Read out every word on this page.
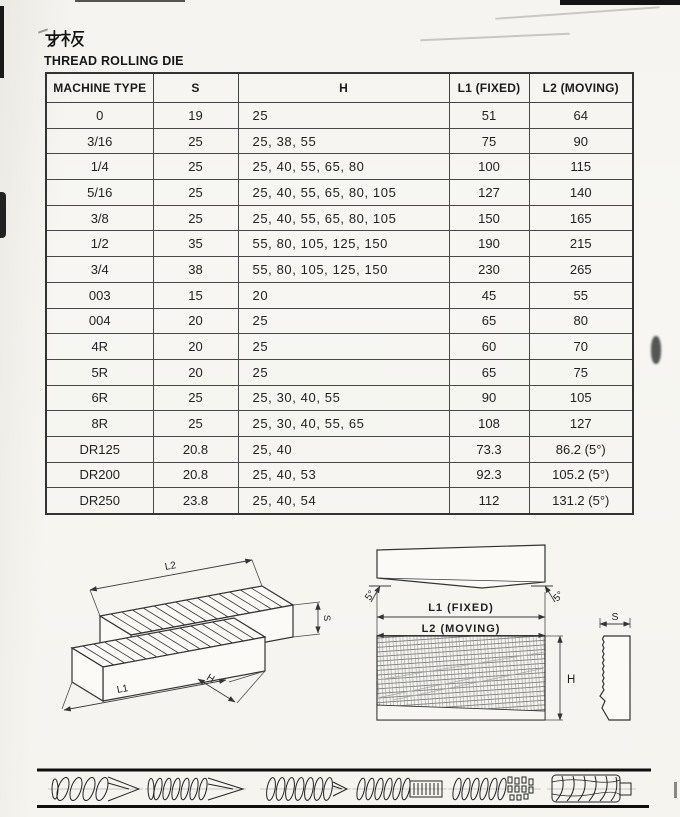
THREAD ROLLING DIE
MACHINE TYPE	S	H	L1 (FIXED)	L2 (MOVING)
0	19	25	51	64
3/16	25	25, 38, 55	75	90
1/4	25	25, 40, 55, 65, 80	100	115
5/16	25	25, 40, 55, 65, 80, 105	127	140
3/8	25	25, 40, 55, 65, 80, 105	150	165
1/2	35	55, 80, 105, 125, 150	190	215
3/4	38	55, 80, 105, 125, 150	230	265
003	15	20	45	55
004	20	25	65	80
4R	20	25	60	70
5R	20	25	65	75
6R	25	25, 30, 40, 55	90	105
8R	25	25, 30, 40, 55, 65	108	127
DR125	20.8	25, 40	73.3	86.2 (5°)
DR200	20.8	25, 40, 53	92.3	105.2 (5°)
DR250	23.8	25, 40, 54	112	131.2 (5°)
L2
S
H
L1
5°	5°
L1 (FIXED)
L2 (MOVING)
H
S
